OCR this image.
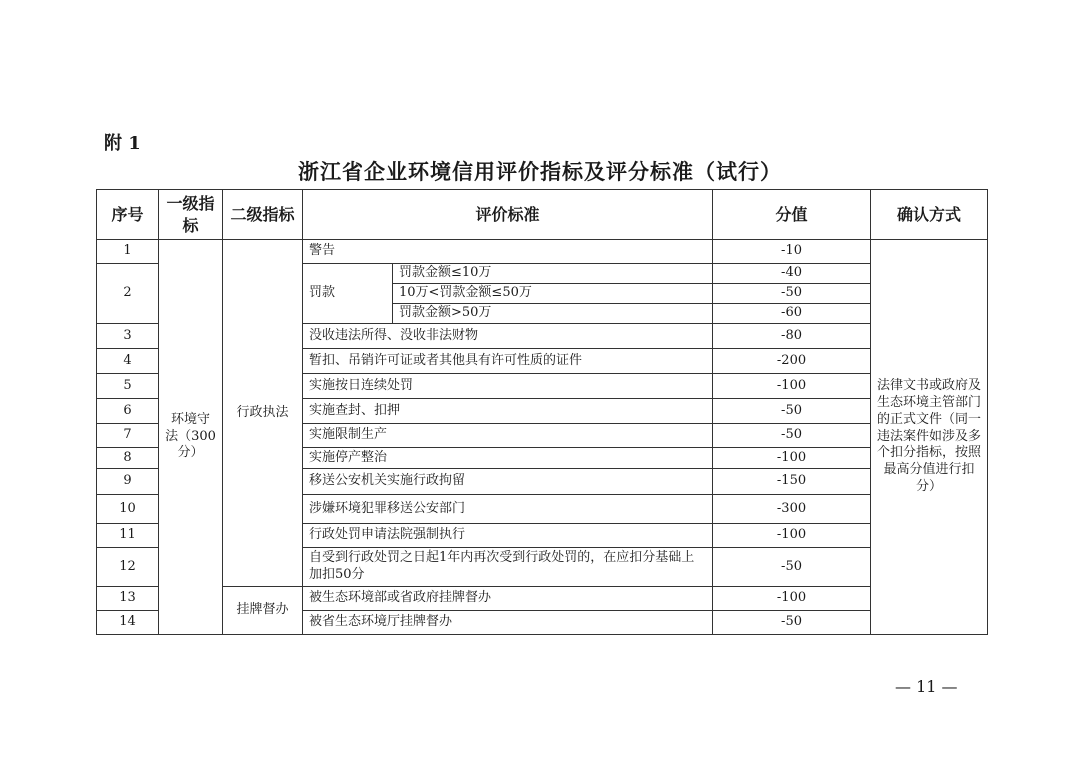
附 1
浙江省企业环境信用评价指标及评分标准（试行）
序号	一级指标	二级指标	评价标准		分值	确认方式
1	环境守法（300分）	行政执法	警告		-10	法律文书或政府及生态环境主管部门的正式文件（同一违法案件如涉及多个扣分指标，按照最高分值进行扣分）
2			罚款	罚款金额≤10万	-40	
				10万<罚款金额≤50万	-50	
				罚款金额>50万	-60	
3			没收违法所得、没收非法财物		-80	
4			暂扣、吊销许可证或者其他具有许可性质的证件		-200	
5			实施按日连续处罚		-100	
6			实施查封、扣押		-50	
7			实施限制生产		-50	
8			实施停产整治		-100	
9			移送公安机关实施行政拘留		-150	
10			涉嫌环境犯罪移送公安部门		-300	
11			行政处罚申请法院强制执行		-100	
12			自受到行政处罚之日起1年内再次受到行政处罚的，在应扣分基础上加扣50分		-50	
13		挂牌督办	被生态环境部或省政府挂牌督办		-100	
14			被省生态环境厅挂牌督办		-50	
— 11 —
